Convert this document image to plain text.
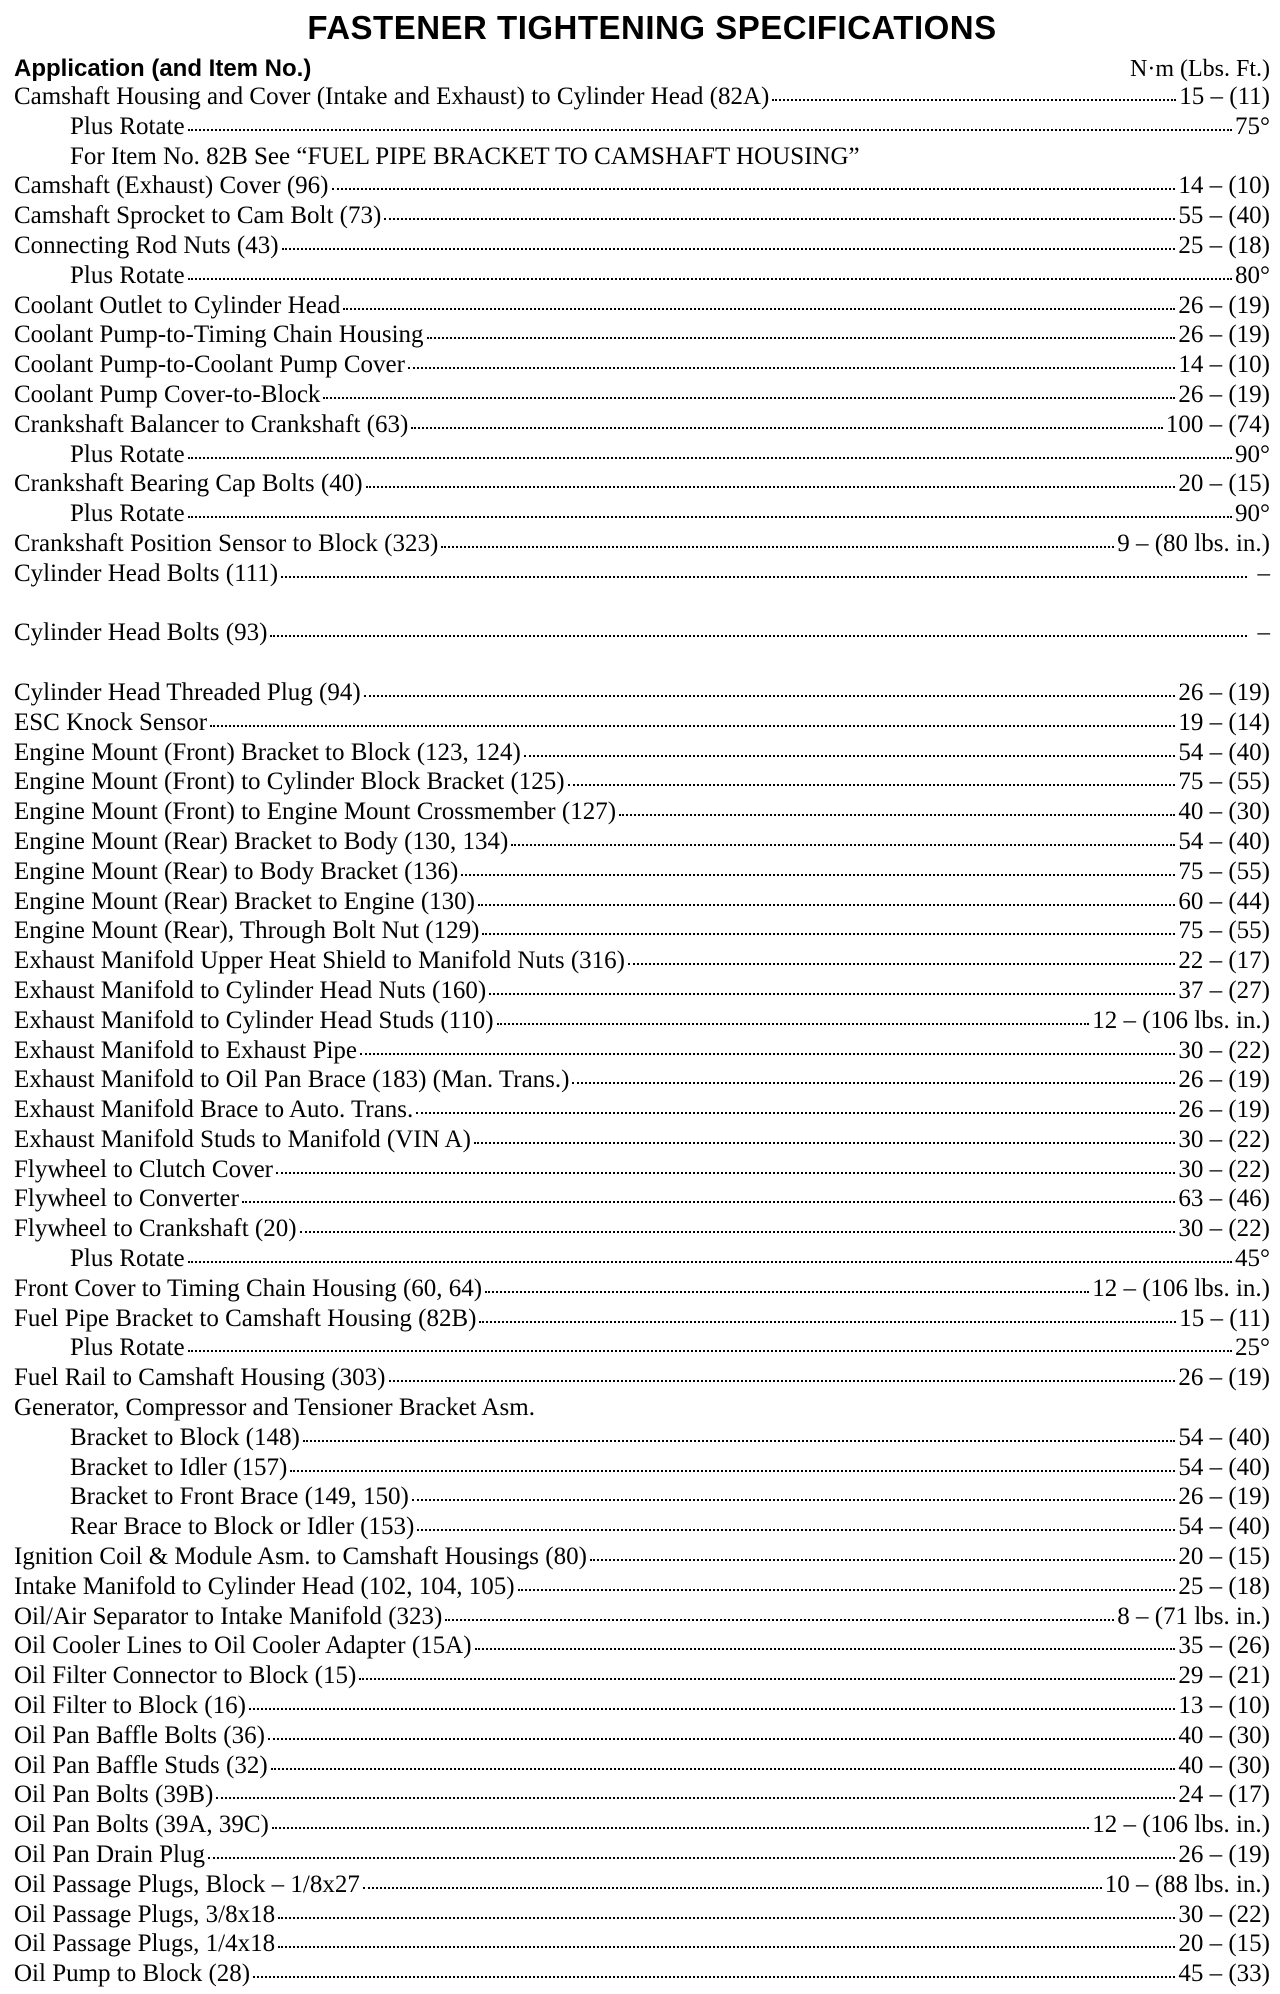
FASTENER TIGHTENING SPECIFICATIONS
Application (and Item No.)	N·m (Lbs. Ft.)
Camshaft Housing and Cover (Intake and Exhaust) to Cylinder Head (82A)	15 – (11)
Plus Rotate	75°
For Item No. 82B See “FUEL PIPE BRACKET TO CAMSHAFT HOUSING”
Camshaft (Exhaust) Cover (96)	14 – (10)
Camshaft Sprocket to Cam Bolt (73)	55 – (40)
Connecting Rod Nuts (43)	25 – (18)
Plus Rotate	80°
Coolant Outlet to Cylinder Head	26 – (19)
Coolant Pump-to-Timing Chain Housing	26 – (19)
Coolant Pump-to-Coolant Pump Cover	14 – (10)
Coolant Pump Cover-to-Block	26 – (19)
Crankshaft Balancer to Crankshaft (63)	100 – (74)
Plus Rotate	90°
Crankshaft Bearing Cap Bolts (40)	20 – (15)
Plus Rotate	90°
Crankshaft Position Sensor to Block (323)	9 – (80 lbs. in.)
Cylinder Head Bolts (111)	–
Cylinder Head Bolts (93)	–
Cylinder Head Threaded Plug (94)	26 – (19)
ESC Knock Sensor	19 – (14)
Engine Mount (Front) Bracket to Block (123, 124)	54 – (40)
Engine Mount (Front) to Cylinder Block Bracket (125)	75 – (55)
Engine Mount (Front) to Engine Mount Crossmember (127)	40 – (30)
Engine Mount (Rear) Bracket to Body (130, 134)	54 – (40)
Engine Mount (Rear) to Body Bracket (136)	75 – (55)
Engine Mount (Rear) Bracket to Engine (130)	60 – (44)
Engine Mount (Rear), Through Bolt Nut (129)	75 – (55)
Exhaust Manifold Upper Heat Shield to Manifold Nuts (316)	22 – (17)
Exhaust Manifold to Cylinder Head Nuts (160)	37 – (27)
Exhaust Manifold to Cylinder Head Studs (110)	12 – (106 lbs. in.)
Exhaust Manifold to Exhaust Pipe	30 – (22)
Exhaust Manifold to Oil Pan Brace (183) (Man. Trans.)	26 – (19)
Exhaust Manifold Brace to Auto. Trans.	26 – (19)
Exhaust Manifold Studs to Manifold (VIN A)	30 – (22)
Flywheel to Clutch Cover	30 – (22)
Flywheel to Converter	63 – (46)
Flywheel to Crankshaft (20)	30 – (22)
Plus Rotate	45°
Front Cover to Timing Chain Housing (60, 64)	12 – (106 lbs. in.)
Fuel Pipe Bracket to Camshaft Housing (82B)	15 – (11)
Plus Rotate	25°
Fuel Rail to Camshaft Housing (303)	26 – (19)
Generator, Compressor and Tensioner Bracket Asm.
Bracket to Block (148)	54 – (40)
Bracket to Idler (157)	54 – (40)
Bracket to Front Brace (149, 150)	26 – (19)
Rear Brace to Block or Idler (153)	54 – (40)
Ignition Coil & Module Asm. to Camshaft Housings (80)	20 – (15)
Intake Manifold to Cylinder Head (102, 104, 105)	25 – (18)
Oil/Air Separator to Intake Manifold (323)	8 – (71 lbs. in.)
Oil Cooler Lines to Oil Cooler Adapter (15A)	35 – (26)
Oil Filter Connector to Block (15)	29 – (21)
Oil Filter to Block (16)	13 – (10)
Oil Pan Baffle Bolts (36)	40 – (30)
Oil Pan Baffle Studs (32)	40 – (30)
Oil Pan Bolts (39B)	24 – (17)
Oil Pan Bolts (39A, 39C)	12 – (106 lbs. in.)
Oil Pan Drain Plug	26 – (19)
Oil Passage Plugs, Block – 1/8x27	10 – (88 lbs. in.)
Oil Passage Plugs, 3/8x18	30 – (22)
Oil Passage Plugs, 1/4x18	20 – (15)
Oil Pump to Block (28)	45 – (33)
